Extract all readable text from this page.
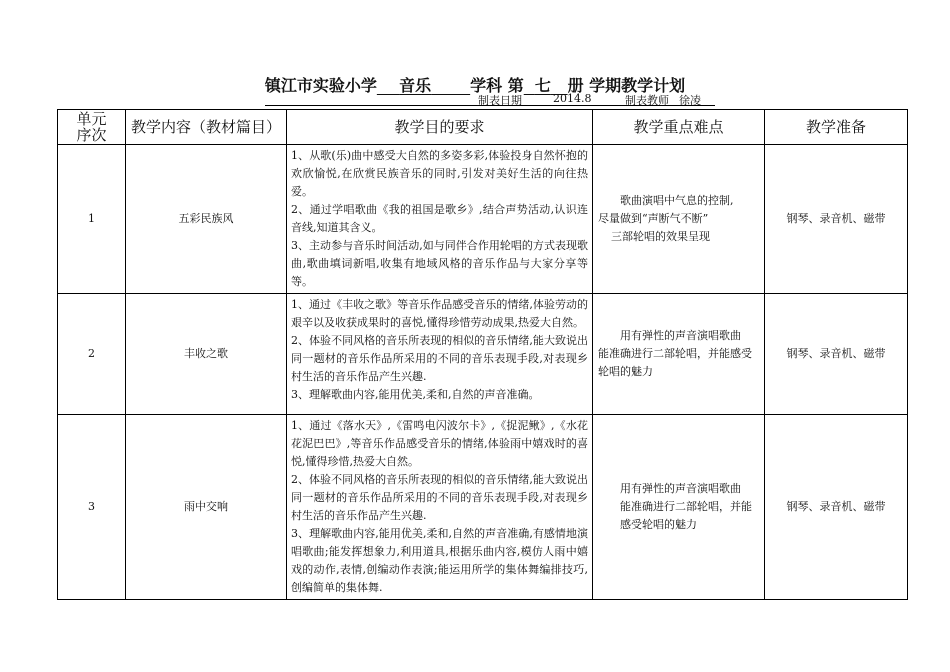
镇江市实验小学 音乐 学科 第 七 册 学期教学计划
制表日期	2014.8	制表教师 徐凌
单元序次	教学内容（教材篇目）	教学目的要求	教学重点难点	教学准备
1	五彩民族风	1、从歌(乐)曲中感受大自然的多姿多彩,体验投身自然怀抱的欢欣愉悦,在欣赏民族音乐的同时,引发对美好生活的向往热爱。
2、通过学唱歌曲《我的祖国是歌乡》,结合声势活动,认识连音线,知道其含义。
3、主动参与音乐时间活动,如与同伴合作用轮唱的方式表现歌曲,歌曲填词新唱,收集有地域风格的音乐作品与大家分享等等。	歌曲演唱中气息的控制,
尽量做到“声断气不断”
三部轮唱的效果呈现	钢琴、录音机、磁带
2	丰收之歌	1、通过《丰收之歌》等音乐作品感受音乐的情绪,体验劳动的艰辛以及收获成果时的喜悦,懂得珍惜劳动成果,热爱大自然。
2、体验不同风格的音乐所表现的相似的音乐情绪,能大致说出同一题材的音乐作品所采用的不同的音乐表现手段,对表现乡村生活的音乐作品产生兴趣.
3、理解歌曲内容,能用优美,柔和,自然的声音准确。	用有弹性的声音演唱歌曲
能准确进行二部轮唱，并能感受轮唱的魅力	钢琴、录音机、磁带
3	雨中交响	1、通过《落水天》,《雷鸣电闪波尔卡》,《捉泥鳅》,《水花花泥巴巴》,等音乐作品感受音乐的情绪,体验雨中嬉戏时的喜悦,懂得珍惜,热爱大自然。
2、体验不同风格的音乐所表现的相似的音乐情绪,能大致说出同一题材的音乐作品所采用的不同的音乐表现手段,对表现乡村生活的音乐作品产生兴趣.
3、理解歌曲内容,能用优美,柔和,自然的声音准确,有感情地演唱歌曲;能发挥想象力,利用道具,根据乐曲内容,模仿人雨中嬉戏的动作,表情,创编动作表演;能运用所学的集体舞编排技巧,创编简单的集体舞.	用有弹性的声音演唱歌曲
能准确进行二部轮唱，并能感受轮唱的魅力	钢琴、录音机、磁带
